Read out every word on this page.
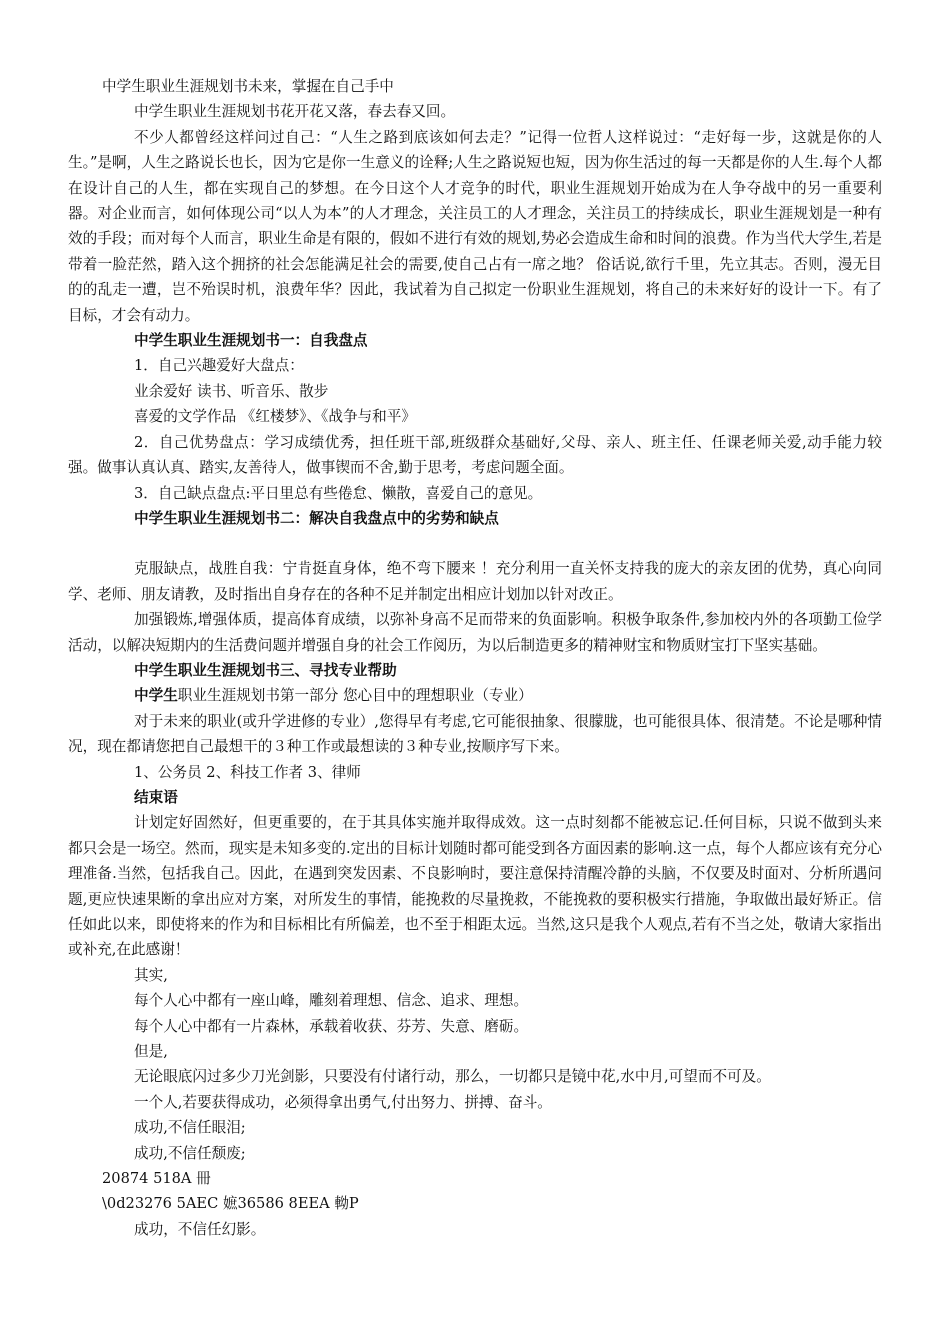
中学生职业生涯规划书未来，掌握在自己手中

中学生职业生涯规划书花开花又落，春去春又回。

不少人都曾经这样问过自己：“人生之路到底该如何去走？”记得一位哲人这样说过：“走好每一步，这就是你的人生。”是啊，人生之路说长也长，因为它是你一生意义的诠释;人生之路说短也短，因为你生活过的每一天都是你的人生.每个人都在设计自己的人生，都在实现自己的梦想。在今日这个人才竞争的时代，职业生涯规划开始成为在人争夺战中的另一重要利器。对企业而言，如何体现公司“以人为本”的人才理念，关注员工的人才理念，关注员工的持续成长，职业生涯规划是一种有效的手段；而对每个人而言，职业生命是有限的，假如不进行有效的规划,势必会造成生命和时间的浪费。作为当代大学生,若是带着一脸茫然，踏入这个拥挤的社会怎能满足社会的需要,使自己占有一席之地？ 俗话说,欲行千里，先立其志。否则，漫无目的的乱走一遭，岂不殆误时机，浪费年华？因此，我试着为自己拟定一份职业生涯规划，将自己的未来好好的设计一下。有了目标，才会有动力。

中学生职业生涯规划书一：自我盘点

1．自己兴趣爱好大盘点：

业余爱好 读书、听音乐、散步

喜爱的文学作品 《红楼梦》、《战争与和平》

2．自己优势盘点：学习成绩优秀，担任班干部,班级群众基础好,父母、亲人、班主任、任课老师关爱,动手能力较强。做事认真认真、踏实,友善待人，做事锲而不舍,勤于思考，考虑问题全面。

3．自己缺点盘点:平日里总有些倦怠、懒散，喜爱自己的意见。

中学生职业生涯规划书二：解决自我盘点中的劣势和缺点

克服缺点，战胜自我：宁肯挺直身体，绝不弯下腰来 ！充分利用一直关怀支持我的庞大的亲友团的优势，真心向同学、老师、朋友请教，及时指出自身存在的各种不足并制定出相应计划加以针对改正。

加强锻炼,增强体质，提高体育成绩，以弥补身高不足而带来的负面影响。积极争取条件,参加校内外的各项勤工俭学活动，以解决短期内的生活费问题并增强自身的社会工作阅历，为以后制造更多的精神财宝和物质财宝打下坚实基础。

中学生职业生涯规划书三、寻找专业帮助

中学生职业生涯规划书第一部分 您心目中的理想职业（专业）

对于未来的职业(或升学进修的专业）,您得早有考虑,它可能很抽象、很朦胧，也可能很具体、很清楚。不论是哪种情况，现在都请您把自己最想干的３种工作或最想读的３种专业,按顺序写下来。

1、公务员 2、科技工作者 3、律师

结束语

计划定好固然好，但更重要的，在于其具体实施并取得成效。这一点时刻都不能被忘记.任何目标，只说不做到头来都只会是一场空。然而，现实是未知多变的.定出的目标计划随时都可能受到各方面因素的影响.这一点，每个人都应该有充分心理准备.当然，包括我自己。因此，在遇到突发因素、不良影响时，要注意保持清醒冷静的头脑，不仅要及时面对、分析所遇问题,更应快速果断的拿出应对方案，对所发生的事情，能挽救的尽量挽救，不能挽救的要积极实行措施，争取做出最好矫正。信任如此以来，即使将来的作为和目标相比有所偏差，也不至于相距太远。当然,这只是我个人观点,若有不当之处，敬请大家指出或补充,在此感谢！

其实,

每个人心中都有一座山峰，雕刻着理想、信念、追求、理想。

每个人心中都有一片森林，承载着收获、芬芳、失意、磨砺。

但是,

无论眼底闪过多少刀光剑影，只要没有付诸行动，那么，一切都只是镜中花,水中月,可望而不可及。

一个人,若要获得成功，必须得拿出勇气,付出努力、拼搏、奋斗。

成功,不信任眼泪;

成功,不信任颓废;

20874 518A 冊

\0d23276 5AEC 嫬36586 8EEA 軪P

成功，不信任幻影。
